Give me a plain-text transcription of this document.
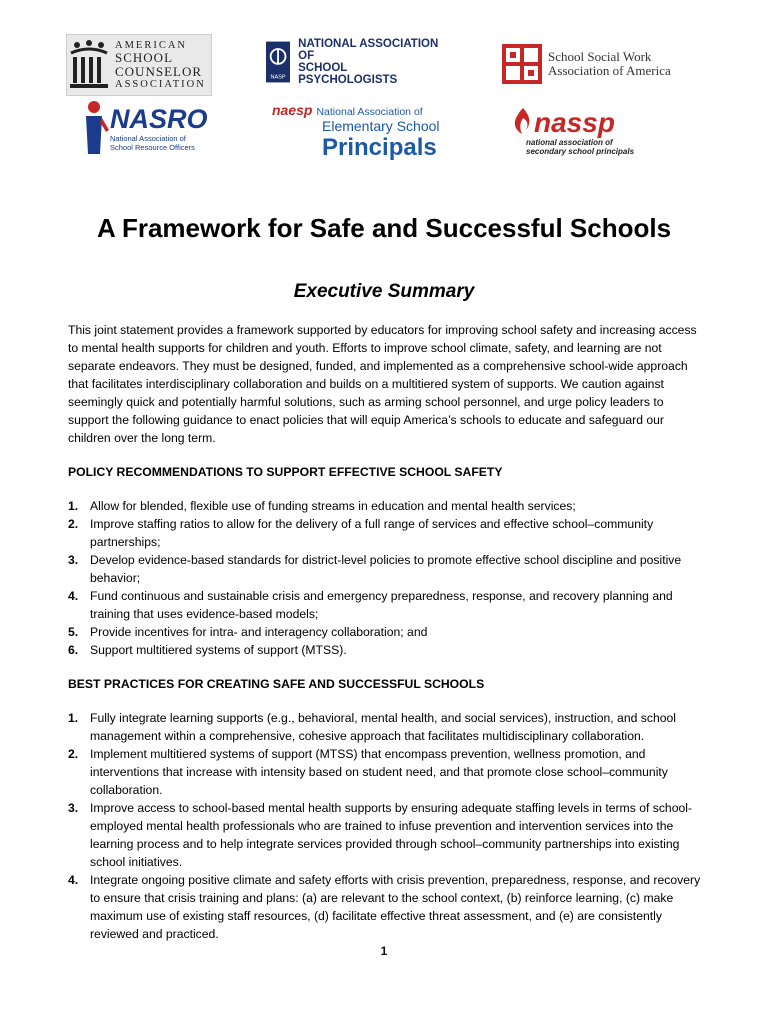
AMERICAN
SCHOOL
COUNSELOR
ASSOCIATION
NASP
NATIONAL ASSOCIATION OF
SCHOOL PSYCHOLOGISTS
School Social Work
Association of America
NASRO
National Association of
School Resource Officers
naesp National Association of
Elementary School
Principals
nassp
national association of
secondary school principals
A Framework for Safe and Successful Schools
Executive Summary

This joint statement provides a framework supported by educators for improving school safety and increasing access to mental health supports for children and youth. Efforts to improve school climate, safety, and learning are not separate endeavors. They must be designed, funded, and implemented as a comprehensive school-wide approach that facilitates interdisciplinary collaboration and builds on a multitiered system of supports. We caution against seemingly quick and potentially harmful solutions, such as arming school personnel, and urge policy leaders to support the following guidance to enact policies that will equip America’s schools to educate and safeguard our children over the long term.

POLICY RECOMMENDATIONS TO SUPPORT EFFECTIVE SCHOOL SAFETY
1. Allow for blended, flexible use of funding streams in education and mental health services;
2. Improve staffing ratios to allow for the delivery of a full range of services and effective school–community partnerships;
3. Develop evidence-based standards for district-level policies to promote effective school discipline and positive behavior;
4. Fund continuous and sustainable crisis and emergency preparedness, response, and recovery planning and training that uses evidence-based models;
5. Provide incentives for intra- and interagency collaboration; and
6. Support multitiered systems of support (MTSS).
BEST PRACTICES FOR CREATING SAFE AND SUCCESSFUL SCHOOLS
1. Fully integrate learning supports (e.g., behavioral, mental health, and social services), instruction, and school management within a comprehensive, cohesive approach that facilitates multidisciplinary collaboration.
2. Implement multitiered systems of support (MTSS) that encompass prevention, wellness promotion, and interventions that increase with intensity based on student need, and that promote close school–community collaboration.
3. Improve access to school-based mental health supports by ensuring adequate staffing levels in terms of school-employed mental health professionals who are trained to infuse prevention and intervention services into the learning process and to help integrate services provided through school–community partnerships into existing school initiatives.
4. Integrate ongoing positive climate and safety efforts with crisis prevention, preparedness, response, and recovery to ensure that crisis training and plans: (a) are relevant to the school context, (b) reinforce learning, (c) make maximum use of existing staff resources, (d) facilitate effective threat assessment, and (e) are consistently reviewed and practiced.
1
